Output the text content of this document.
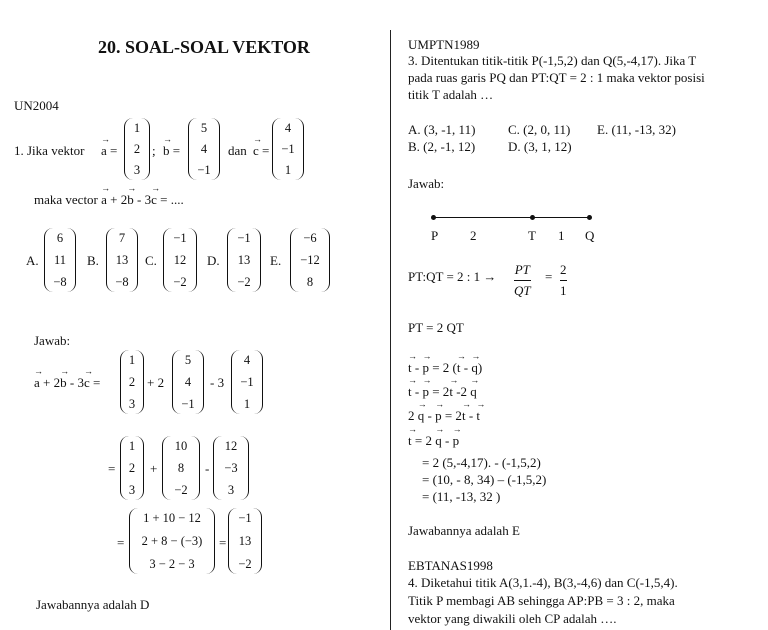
20. SOAL-SOAL VEKTOR
UN2004
1. Jika vektor → a =
1
2
3
; → b =
5
4
−1
dan → c =
4
−1
1
maka vector → a + 2→ b - 3→ c = ....
A.
6
11
−8
B.
7
13
−8
C.
−1
12
−2
D.
−1
13
−2
E.
−6
−12
8
Jawab:
→ a + 2→ b - 3→ c =
1
2
3
+ 2
5
4
−1
- 3
4
−1
1
=
1
2
3
+
10
8
−2
-
12
−3
3
=
1 + 10 − 12
2 + 8 − (−3)
3 − 2 − 3
=
−1
13
−2
Jawabannya adalah D
UMPTN1989
3. Ditentukan titik-titik P(-1,5,2) dan Q(5,-4,17). Jika T
pada ruas garis PQ dan PT:QT = 2 : 1 maka vektor posisi
titik T adalah …
A. (3, -1, 11)	C. (2, 0, 11) E. (11, -13, 32)
B. (2, -1, 12)	D. (3, 1, 12)
Jawab:
P 2	T 1 Q
PT:QT = 2 : 1 → PT
QT
= 2
1
PT = 2 QT
→ t - → p = 2 (→ t - → q)
→ t - → p = 2→ t -2 → q
2 → q - → p = 2→ t - → t
→ t = 2 → q - → p
= 2 (5,-4,17). - (-1,5,2)
= (10, - 8, 34) – (-1,5,2)
= (11, -13, 32 )
Jawabannya adalah E
EBTANAS1998
4. Diketahui titik A(3,1.-4), B(3,-4,6) dan C(-1,5,4).
Titik P membagi AB sehingga AP:PB = 3 : 2, maka
vektor yang diwakili oleh CP adalah ….
